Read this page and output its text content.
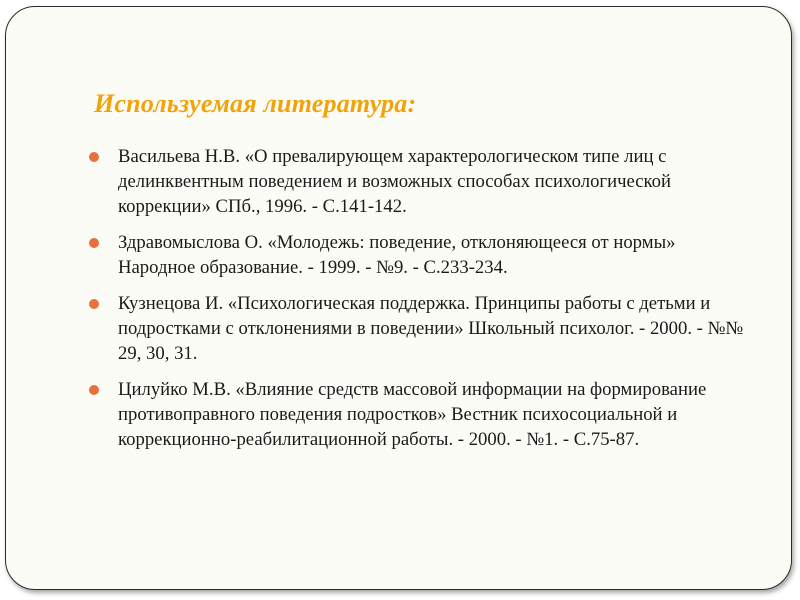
Используемая литература:
Васильева Н.В. «О превалирующем характерологическом типе лиц с делинквентным поведением и возможных способах психологической коррекции» СПб., 1996. - С.141-142.
Здравомыслова О. «Молодежь: поведение, отклоняющееся от нормы» Народное образование. - 1999. - №9. - С.233-234.
Кузнецова И. «Психологическая поддержка. Принципы работы с детьми и подростками с отклонениями в поведении» Школьный психолог. - 2000. - №№ 29, 30, 31.
Цилуйко М.В. «Влияние средств массовой информации на формирование противоправного поведения подростков» Вестник психосоциальной и коррекционно-реабилитационной работы. - 2000. - №1. - С.75-87.
